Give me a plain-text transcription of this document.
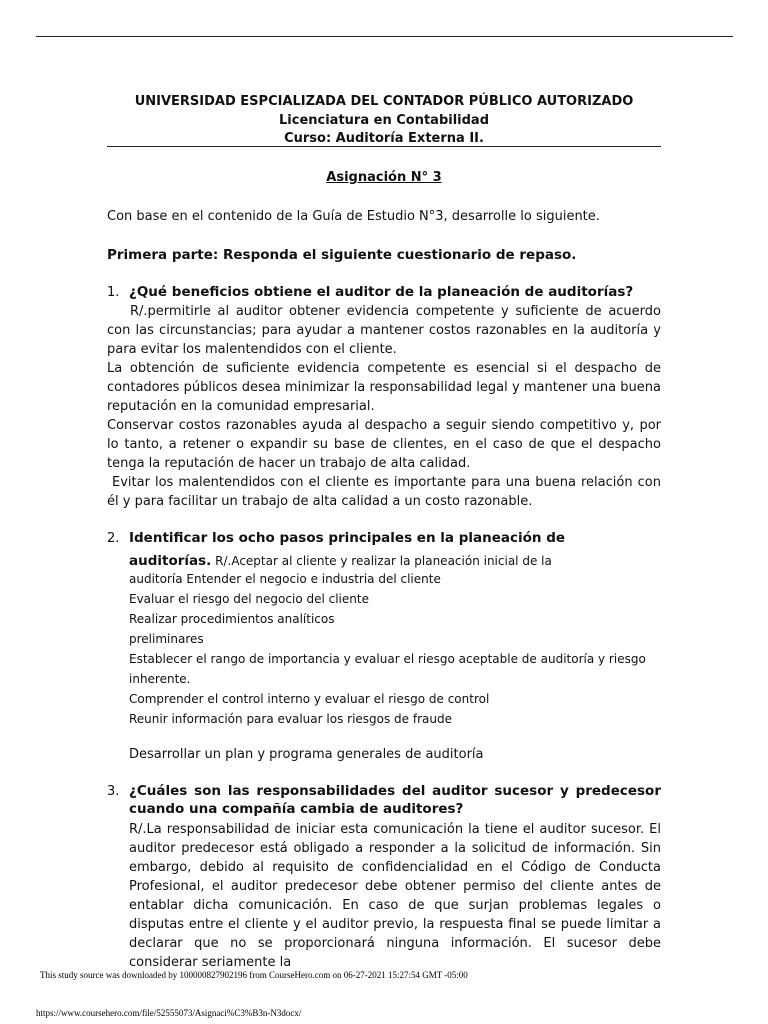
UNIVERSIDAD ESPCIALIZADA DEL CONTADOR PÚBLICO AUTORIZADO
Licenciatura en Contabilidad
Curso: Auditoría Externa II.
Asignación N° 3
Con base en el contenido de la Guía de Estudio N°3, desarrolle lo siguiente.
Primera parte: Responda el siguiente cuestionario de repaso.
1. ¿Qué beneficios obtiene el auditor de la planeación de auditorías?
R/.permitirle al auditor obtener evidencia competente y suficiente de acuerdo con las circunstancias; para ayudar a mantener costos razonables en la auditoría y para evitar los malentendidos con el cliente.
La obtención de suficiente evidencia competente es esencial si el despacho de contadores públicos desea minimizar la responsabilidad legal y mantener una buena reputación en la comunidad empresarial.
Conservar costos razonables ayuda al despacho a seguir siendo competitivo y, por lo tanto, a retener o expandir su base de clientes, en el caso de que el despacho tenga la reputación de hacer un trabajo de alta calidad.
Evitar los malentendidos con el cliente es importante para una buena relación con él y para facilitar un trabajo de alta calidad a un costo razonable.
2. Identificar los ocho pasos principales en la planeación de
auditorías. R/.Aceptar al cliente y realizar la planeación inicial de la
auditoría Entender el negocio e industria del cliente
Evaluar el riesgo del negocio del cliente
Realizar procedimientos analíticos
preliminares
Establecer el rango de importancia y evaluar el riesgo aceptable de auditoría y riesgo
inherente.
Comprender el control interno y evaluar el riesgo de control
Reunir información para evaluar los riesgos de fraude
Desarrollar un plan y programa generales de auditoría
3. ¿Cuáles son las responsabilidades del auditor sucesor y predecesor cuando una compañía cambia de auditores?
R/.La responsabilidad de iniciar esta comunicación la tiene el auditor sucesor. El auditor predecesor está obligado a responder a la solicitud de información. Sin embargo, debido al requisito de confidencialidad en el Código de Conducta Profesional, el auditor predecesor debe obtener permiso del cliente antes de entablar dicha comunicación. En caso de que surjan problemas legales o disputas entre el cliente y el auditor previo, la respuesta final se puede limitar a declarar que no se proporcionará ninguna información. El sucesor debe considerar seriamente la
This study source was downloaded by 100000827902196 from CourseHero.com on 06-27-2021 15:27:54 GMT -05:00
https://www.coursehero.com/file/52555073/Asignaci%C3%B3n-N3docx/
